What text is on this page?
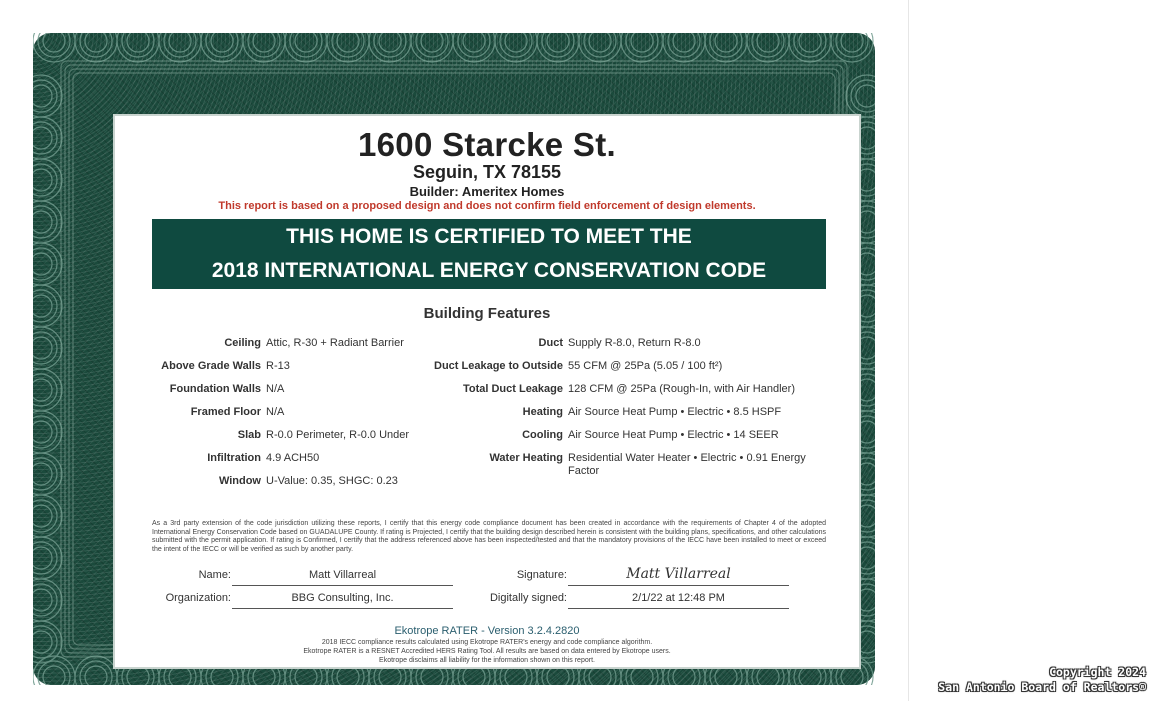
1600 Starcke St.
Seguin, TX 78155
Builder: Ameritex Homes
This report is based on a proposed design and does not confirm field enforcement of design elements.
THIS HOME IS CERTIFIED TO MEET THE
2018 INTERNATIONAL ENERGY CONSERVATION CODE
Building Features
Ceiling Attic, R-30 + Radiant Barrier
Above Grade Walls R-13
Foundation Walls N/A
Framed Floor N/A
Slab R-0.0 Perimeter, R-0.0 Under
Infiltration 4.9 ACH50
Window U-Value: 0.35, SHGC: 0.23
Duct Supply R-8.0, Return R-8.0
Duct Leakage to Outside 55 CFM @ 25Pa (5.05 / 100 ft²)
Total Duct Leakage 128 CFM @ 25Pa (Rough-In, with Air Handler)
Heating Air Source Heat Pump • Electric • 8.5 HSPF
Cooling Air Source Heat Pump • Electric • 14 SEER
Water Heating Residential Water Heater • Electric • 0.91 Energy Factor
As a 3rd party extension of the code jurisdiction utilizing these reports, I certify that this energy code compliance document has been created in accordance with the requirements of Chapter 4 of the adopted International Energy Conservation Code based on GUADALUPE County. If rating is Projected, I certify that the building design described herein is consistent with the building plans, specifications, and other calculations submitted with the permit application. If rating is Confirmed, I certify that the address referenced above has been inspected/tested and that the mandatory provisions of the IECC have been installed to meet or exceed the intent of the IECC or will be verified as such by another party.
Name:	Matt Villarreal
Organization:	BBG Consulting, Inc.
Signature:	Matt Villarreal
Digitally signed:	2/1/22 at 12:48 PM
Ekotrope RATER - Version 3.2.4.2820
2018 IECC compliance results calculated using Ekotrope RATER's energy and code compliance algorithm.
Ekotrope RATER is a RESNET Accredited HERS Rating Tool. All results are based on data entered by Ekotrope users.
Ekotrope disclaims all liability for the information shown on this report.
Copyright 2024
San Antonio Board of Realtors®
